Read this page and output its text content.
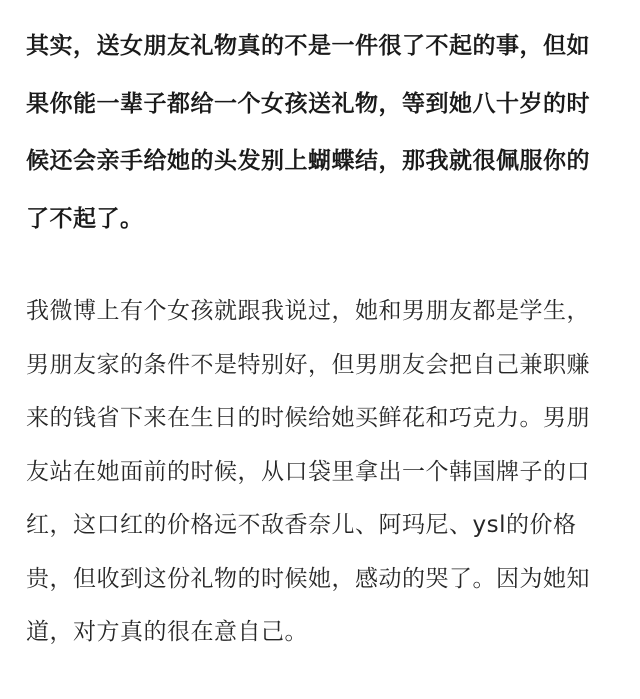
其实，送女朋友礼物真的不是一件很了不起的事，但如
果你能一辈子都给一个女孩送礼物，等到她八十岁的时
候还会亲手给她的头发别上蝴蝶结，那我就很佩服你的
了不起了。

我微博上有个女孩就跟我说过，她和男朋友都是学生，
男朋友家的条件不是特别好，但男朋友会把自己兼职赚
来的钱省下来在生日的时候给她买鲜花和巧克力。男朋
友站在她面前的时候，从口袋里拿出一个韩国牌子的口
红，这口红的价格远不敌香奈儿、阿玛尼、ysl的价格
贵，但收到这份礼物的时候她，感动的哭了。因为她知
道，对方真的很在意自己。
